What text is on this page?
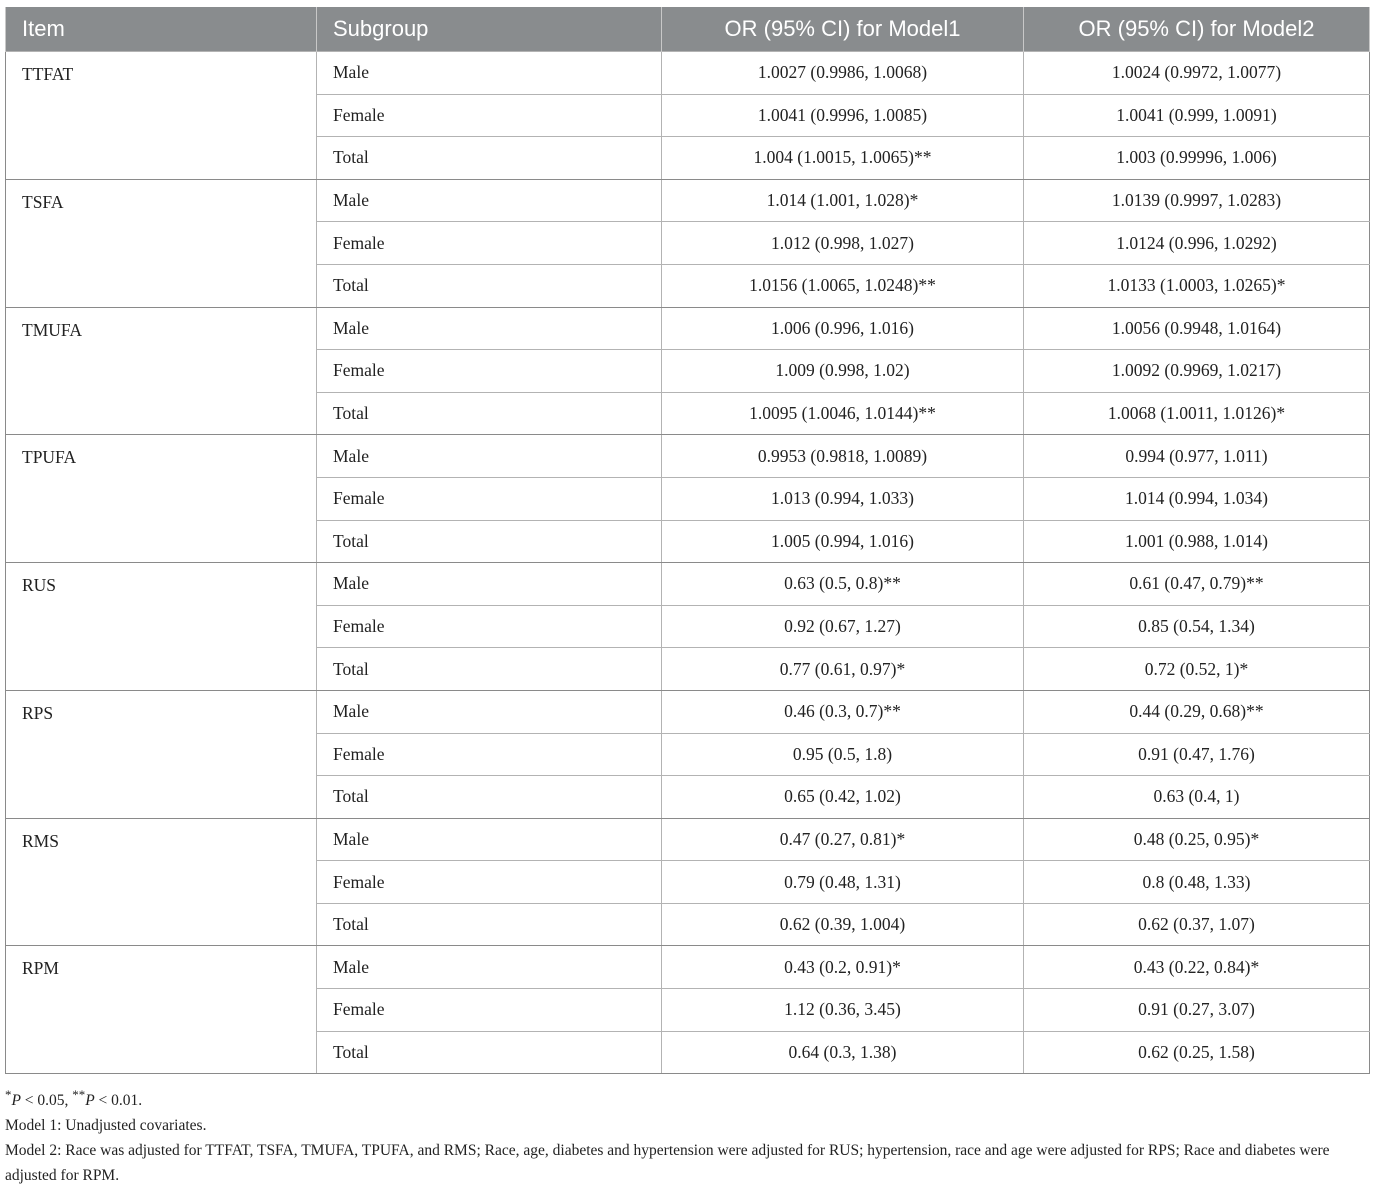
Item	Subgroup	OR (95% CI) for Model1	OR (95% CI) for Model2
TTFAT	Male	1.0027 (0.9986, 1.0068)	1.0024 (0.9972, 1.0077)
	Female	1.0041 (0.9996, 1.0085)	1.0041 (0.999, 1.0091)
	Total	1.004 (1.0015, 1.0065)**	1.003 (0.99996, 1.006)
TSFA	Male	1.014 (1.001, 1.028)*	1.0139 (0.9997, 1.0283)
	Female	1.012 (0.998, 1.027)	1.0124 (0.996, 1.0292)
	Total	1.0156 (1.0065, 1.0248)**	1.0133 (1.0003, 1.0265)*
TMUFA	Male	1.006 (0.996, 1.016)	1.0056 (0.9948, 1.0164)
	Female	1.009 (0.998, 1.02)	1.0092 (0.9969, 1.0217)
	Total	1.0095 (1.0046, 1.0144)**	1.0068 (1.0011, 1.0126)*
TPUFA	Male	0.9953 (0.9818, 1.0089)	0.994 (0.977, 1.011)
	Female	1.013 (0.994, 1.033)	1.014 (0.994, 1.034)
	Total	1.005 (0.994, 1.016)	1.001 (0.988, 1.014)
RUS	Male	0.63 (0.5, 0.8)**	0.61 (0.47, 0.79)**
	Female	0.92 (0.67, 1.27)	0.85 (0.54, 1.34)
	Total	0.77 (0.61, 0.97)*	0.72 (0.52, 1)*
RPS	Male	0.46 (0.3, 0.7)**	0.44 (0.29, 0.68)**
	Female	0.95 (0.5, 1.8)	0.91 (0.47, 1.76)
	Total	0.65 (0.42, 1.02)	0.63 (0.4, 1)
RMS	Male	0.47 (0.27, 0.81)*	0.48 (0.25, 0.95)*
	Female	0.79 (0.48, 1.31)	0.8 (0.48, 1.33)
	Total	0.62 (0.39, 1.004)	0.62 (0.37, 1.07)
RPM	Male	0.43 (0.2, 0.91)*	0.43 (0.22, 0.84)*
	Female	1.12 (0.36, 3.45)	0.91 (0.27, 3.07)
	Total	0.64 (0.3, 1.38)	0.62 (0.25, 1.58)

*P < 0.05, **P < 0.01.

Model 1: Unadjusted covariates.

Model 2: Race was adjusted for TTFAT, TSFA, TMUFA, TPUFA, and RMS; Race, age, diabetes and hypertension were adjusted for RUS; hypertension, race and age were adjusted for RPS; Race and diabetes were adjusted for RPM.
